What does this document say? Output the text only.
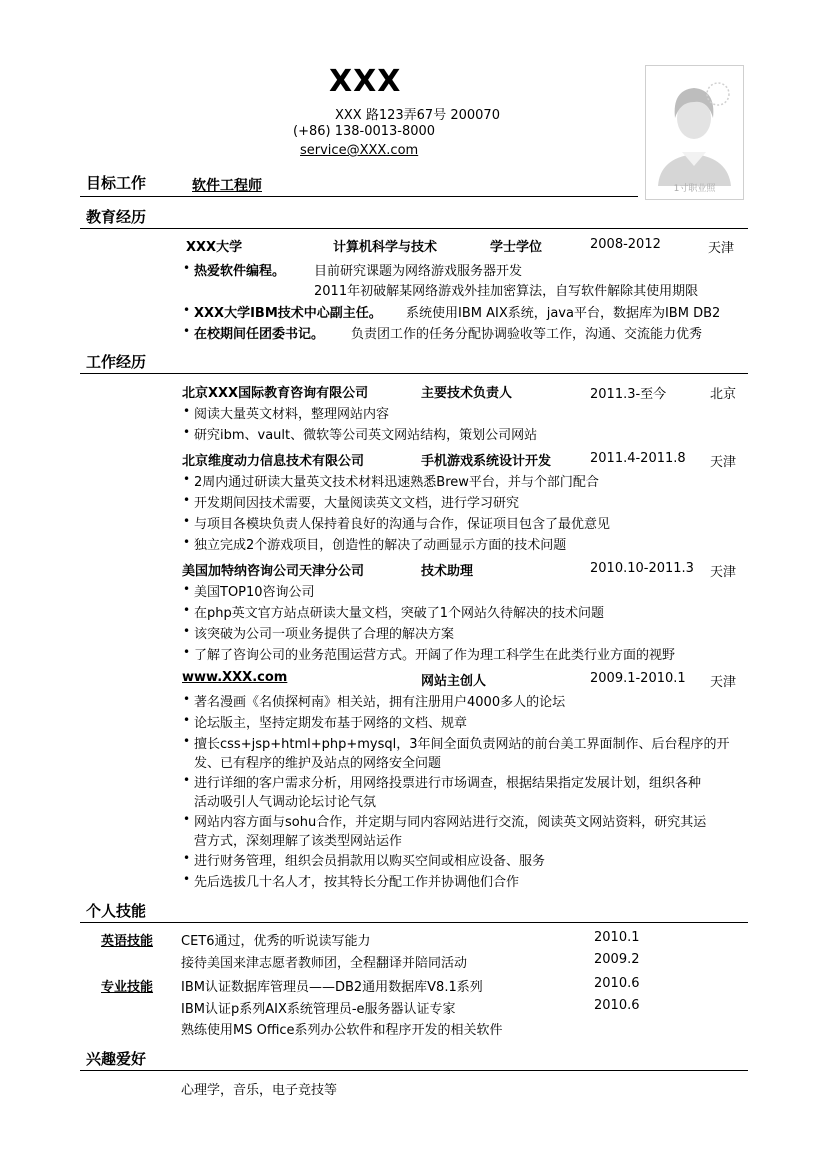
XXX
XXX 路123弄67号 200070
(+86) 138-0013-8000
service@XXX.com
1寸职业照
目标工作	软件工程师
教育经历
XXX大学	计算机科学与技术	学士学位	2008-2012	天津
• 热爱软件编程。 目前研究课题为网络游戏服务器开发
2011年初破解某网络游戏外挂加密算法，自写软件解除其使用期限
• XXX大学IBM技术中心副主任。 系统使用IBM AIX系统，java平台，数据库为IBM DB2
• 在校期间任团委书记。 负责团工作的任务分配协调验收等工作，沟通、交流能力优秀
工作经历
北京XXX国际教育咨询有限公司	主要技术负责人	2011.3-至今	北京
• 阅读大量英文材料，整理网站内容
• 研究ibm、vault、微软等公司英文网站结构，策划公司网站
北京维度动力信息技术有限公司	手机游戏系统设计开发	2011.4-2011.8 天津
• 2周内通过研读大量英文技术材料迅速熟悉Brew平台，并与个部门配合
• 开发期间因技术需要，大量阅读英文文档，进行学习研究
• 与项目各模块负责人保持着良好的沟通与合作，保证项目包含了最优意见
• 独立完成2个游戏项目，创造性的解决了动画显示方面的技术问题
美国加特纳咨询公司天津分公司	技术助理	2010.10-2011.3 天津
• 美国TOP10咨询公司
• 在php英文官方站点研读大量文档，突破了1个网站久待解决的技术问题
• 该突破为公司一项业务提供了合理的解决方案
• 了解了咨询公司的业务范围运营方式。开阔了作为理工科学生在此类行业方面的视野
www.XXX.com	网站主创人	2009.1-2010.1 天津
• 著名漫画《名侦探柯南》相关站，拥有注册用户4000多人的论坛
• 论坛版主，坚持定期发布基于网络的文档、规章
• 擅长css+jsp+html+php+mysql，3年间全面负责网站的前台美工界面制作、后台程序的开
发、已有程序的维护及站点的网络安全问题
• 进行详细的客户需求分析，用网络投票进行市场调查，根据结果指定发展计划，组织各种
活动吸引人气调动论坛讨论气氛
• 网站内容方面与sohu合作，并定期与同内容网站进行交流，阅读英文网站资料，研究其运
营方式，深刻理解了该类型网站运作
• 进行财务管理，组织会员捐款用以购买空间或相应设备、服务
• 先后选拔几十名人才，按其特长分配工作并协调他们合作
个人技能
英语技能 CET6通过，优秀的听说读写能力	2010.1
接待美国来津志愿者教师团，全程翻译并陪同活动	2009.2
专业技能 IBM认证数据库管理员——DB2通用数据库V8.1系列	2010.6
IBM认证p系列AIX系统管理员-e服务器认证专家	2010.6
熟练使用MS Office系列办公软件和程序开发的相关软件
兴趣爱好
心理学，音乐，电子竞技等
